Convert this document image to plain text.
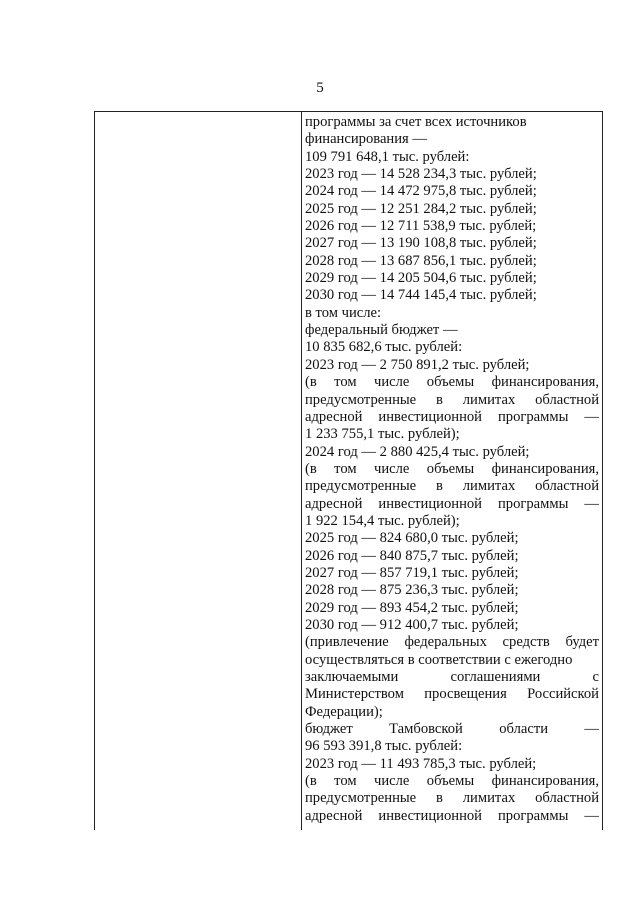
5
программы за счет всех источников
финансирования —
109 791 648,1 тыс. рублей:
2023 год — 14 528 234,3 тыс. рублей;
2024 год — 14 472 975,8 тыс. рублей;
2025 год — 12 251 284,2 тыс. рублей;
2026 год — 12 711 538,9 тыс. рублей;
2027 год — 13 190 108,8 тыс. рублей;
2028 год — 13 687 856,1 тыс. рублей;
2029 год — 14 205 504,6 тыс. рублей;
2030 год — 14 744 145,4 тыс. рублей;
в том числе:
федеральный бюджет —
10 835 682,6 тыс. рублей:
2023 год — 2 750 891,2 тыс. рублей;
(в том числе объемы финансирования,
предусмотренные в лимитах областной
адресной инвестиционной программы —
1 233 755,1 тыс. рублей);
2024 год — 2 880 425,4 тыс. рублей;
(в том числе объемы финансирования,
предусмотренные в лимитах областной
адресной инвестиционной программы —
1 922 154,4 тыс. рублей);
2025 год — 824 680,0 тыс. рублей;
2026 год — 840 875,7 тыс. рублей;
2027 год — 857 719,1 тыс. рублей;
2028 год — 875 236,3 тыс. рублей;
2029 год — 893 454,2 тыс. рублей;
2030 год — 912 400,7 тыс. рублей;
(привлечение федеральных средств будет
осуществляться в соответствии с ежегодно
заключаемыми соглашениями с
Министерством просвещения Российской
Федерации);
бюджет Тамбовской области —
96 593 391,8 тыс. рублей:
2023 год — 11 493 785,3 тыс. рублей;
(в том числе объемы финансирования,
предусмотренные в лимитах областной
адресной инвестиционной программы —
